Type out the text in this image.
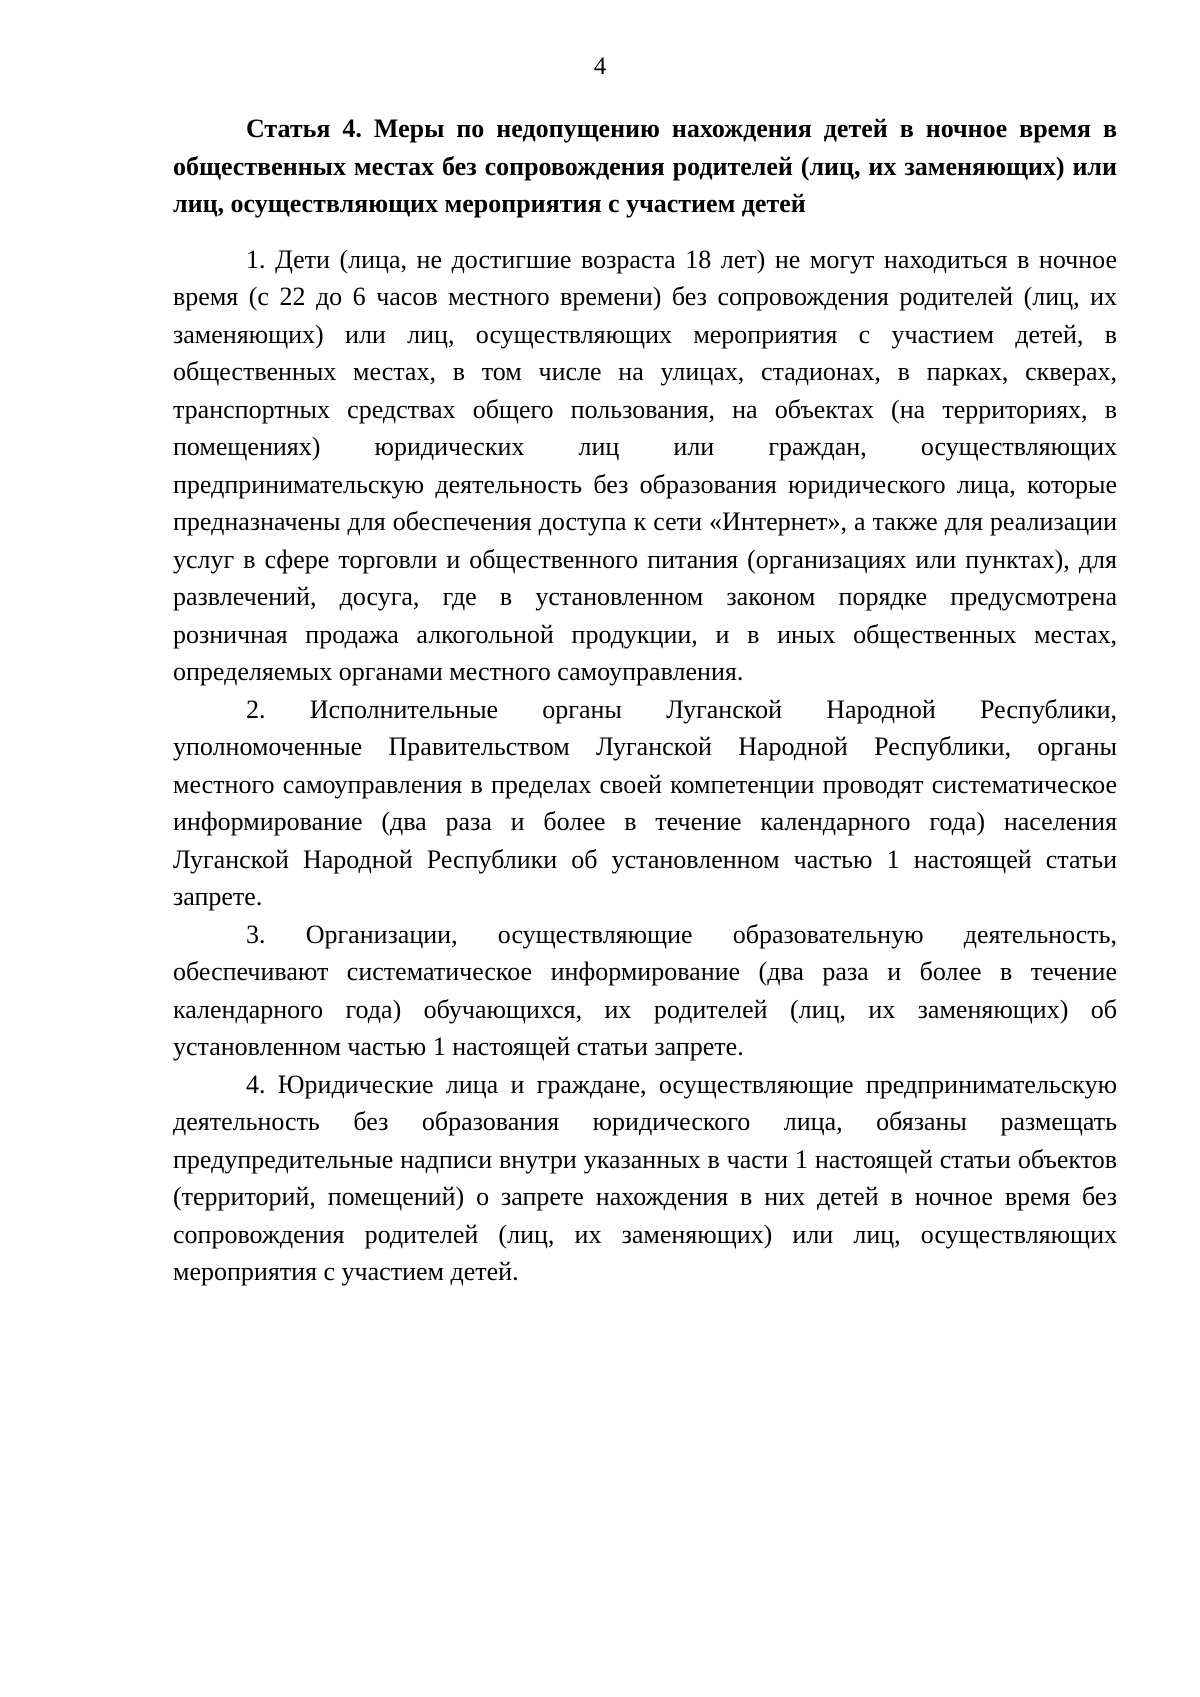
4

Статья 4. Меры по недопущению нахождения детей в ночное время в общественных местах без сопровождения родителей (лиц, их заменяющих) или лиц, осуществляющих мероприятия с участием детей

1. Дети (лица, не достигшие возраста 18 лет) не могут находиться в ночное время (с 22 до 6 часов местного времени) без сопровождения родителей (лиц, их заменяющих) или лиц, осуществляющих мероприятия с участием детей, в общественных местах, в том числе на улицах, стадионах, в парках, скверах, транспортных средствах общего пользования, на объектах (на территориях, в помещениях) юридических лиц или граждан, осуществляющих предпринимательскую деятельность без образования юридического лица, которые предназначены для обеспечения доступа к сети «Интернет», а также для реализации услуг в сфере торговли и общественного питания (организациях или пунктах), для развлечений, досуга, где в установленном законом порядке предусмотрена розничная продажа алкогольной продукции, и в иных общественных местах, определяемых органами местного самоуправления.

2. Исполнительные органы Луганской Народной Республики, уполномоченные Правительством Луганской Народной Республики, органы местного самоуправления в пределах своей компетенции проводят систематическое информирование (два раза и более в течение календарного года) населения Луганской Народной Республики об установленном частью 1 настоящей статьи запрете.

3. Организации, осуществляющие образовательную деятельность, обеспечивают систематическое информирование (два раза и более в течение календарного года) обучающихся, их родителей (лиц, их заменяющих) об установленном частью 1 настоящей статьи запрете.

4. Юридические лица и граждане, осуществляющие предпринимательскую деятельность без образования юридического лица, обязаны размещать предупредительные надписи внутри указанных в части 1 настоящей статьи объектов (территорий, помещений) о запрете нахождения в них детей в ночное время без сопровождения родителей (лиц, их заменяющих) или лиц, осуществляющих мероприятия с участием детей.
